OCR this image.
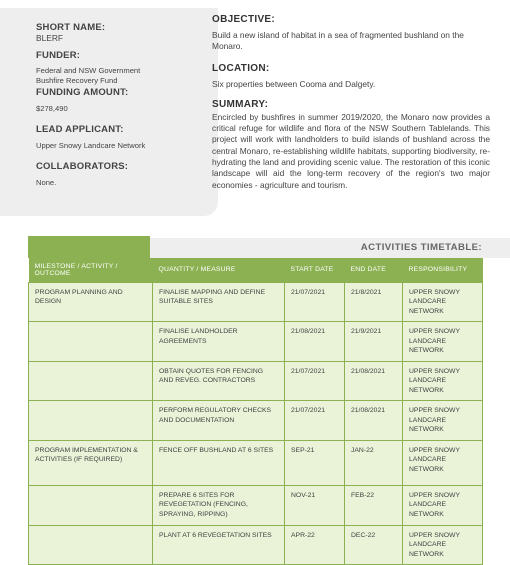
SHORT NAME:
BLERF
FUNDER:
Federal and NSW Government Bushfire Recovery Fund
FUNDING AMOUNT:
$278,490
LEAD APPLICANT:
Upper Snowy Landcare Network
COLLABORATORS:
None.
OBJECTIVE:
Build a new island of habitat in a sea of fragmented bushland on the Monaro.
LOCATION:
Six properties between Cooma and Dalgety.
SUMMARY:
Encircled by bushfires in summer 2019/2020, the Monaro now provides a critical refuge for wildlife and flora of the NSW Southern Tablelands. This project will work with landholders to build islands of bushland across the central Monaro, re-establishing wildlife habitats, supporting biodiversity, re-hydrating the land and providing scenic value. The restoration of this iconic landscape will aid the long-term recovery of the region's two major economies - agriculture and tourism.
ACTIVITIES TIMETABLE:
MILESTONE / ACTIVITY / OUTCOME	QUANTITY / MEASURE	START DATE	END DATE	RESPONSIBILITY
PROGRAM PLANNING AND DESIGN	FINALISE MAPPING AND DEFINE SUITABLE SITES	21/07/2021	21/8/2021	UPPER SNOWY LANDCARE NETWORK
	FINALISE LANDHOLDER AGREEMENTS	21/08/2021	21/9/2021	UPPER SNOWY LANDCARE NETWORK
	OBTAIN QUOTES FOR FENCING AND REVEG. CONTRACTORS	21/07/2021	21/08/2021	UPPER SNOWY LANDCARE NETWORK
	PERFORM REGULATORY CHECKS AND DOCUMENTATION	21/07/2021	21/08/2021	UPPER SNOWY LANDCARE NETWORK
PROGRAM IMPLEMENTATION & ACTIVITIES (IF REQUIRED)	FENCE OFF BUSHLAND AT 6 SITES	SEP-21	JAN-22	UPPER SNOWY LANDCARE NETWORK
	PREPARE 6 SITES FOR REVEGETATION (FENCING, SPRAYING, RIPPING)	NOV-21	FEB-22	UPPER SNOWY LANDCARE NETWORK
	PLANT AT 6 REVEGETATION SITES	APR-22	DEC-22	UPPER SNOWY LANDCARE NETWORK
